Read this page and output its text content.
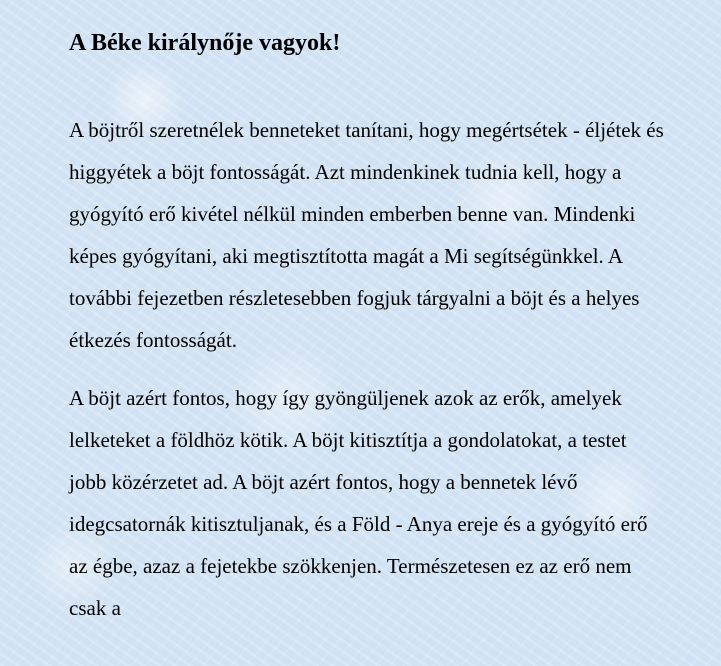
A Béke királynője vagyok!

A böjtről szeretnélek benneteket tanítani, hogy megértsétek - éljétek és higgyétek a böjt fontosságát. Azt mindenkinek tudnia kell, hogy a gyógyító erő kivétel nélkül minden emberben benne van. Mindenki képes gyógyítani, aki megtisztította magát a Mi segítségünkkel. A további fejezetben részletesebben fogjuk tárgyalni a böjt és a helyes étkezés fontosságát.

A böjt azért fontos, hogy így gyöngüljenek azok az erők, amelyek lelketeket a földhöz kötik. A böjt kitisztítja a gondolatokat, a testet jobb közérzetet ad. A böjt azért fontos, hogy a bennetek lévő idegcsatornák kitisztuljanak, és a Föld - Anya ereje és a gyógyító erő az égbe, azaz a fejetekbe szökkenjen. Természetesen ez az erő nem csak a
